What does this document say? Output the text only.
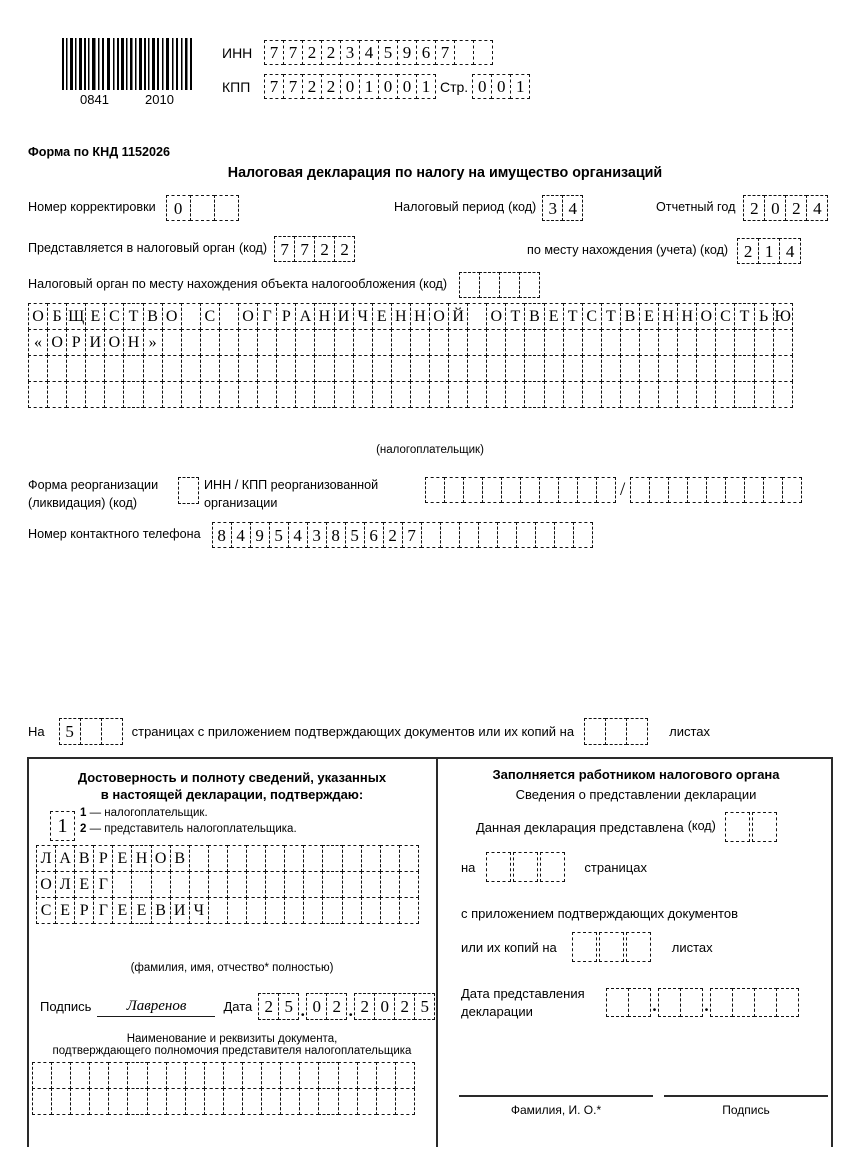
0841	2010
ИНН	7 7 2 2 3 4 5 9 6 7
КПП	7 7 2 2 0 1 0 0 1 Стр. 0 0 1
Форма по КНД 1152026
Налоговая декларация по налогу на имущество организаций
Номер корректировки	0	Налоговый период (код) 3 4	Отчетный год 2 0 2 4
Представляется в налоговый орган (код) 7 7 2 2	по месту нахождения (учета) (код) 2 1 4
Налоговый орган по месту нахождения объекта налогообложения (код)
О Б Щ Е С Т В О С О Г Р А Н И Ч Е Н Н О Й О Т В Е Т С Т В Е Н Н О С Т Ь Ю
« О Р И О Н »
(налогоплательщик)
Форма реорганизации
(ликвидация) (код)
ИНН / КПП реорганизованной
организации
/
Номер контактного телефона 8 4 9 5 4 3 8 5 6 2 7
На	5	страницах с приложением подтверждающих документов или их копий на	листах
Достоверность и полноту сведений, указанных
в настоящей декларации, подтверждаю:
1
1 — налогоплательщик.
2 — представитель налогоплательщика.
Л А В Р Е Н О В
О Л Е Г
С Е Р Г Е Е В И Ч
(фамилия, имя, отчество* полностью)
Подпись	Лавренов	Дата 2 5 . 0 2 . 2 0 2 5
Наименование и реквизиты документа,
подтверждающего полномочия представителя налогоплательщика
Заполняется работником налогового органа
Сведения о представлении декларации
Данная декларация представлена (код)
на	страницах
с приложением подтверждающих документов
или их копий на	листах
Дата представления
декларации	.	.
Фамилия, И. О.*	Подпись
